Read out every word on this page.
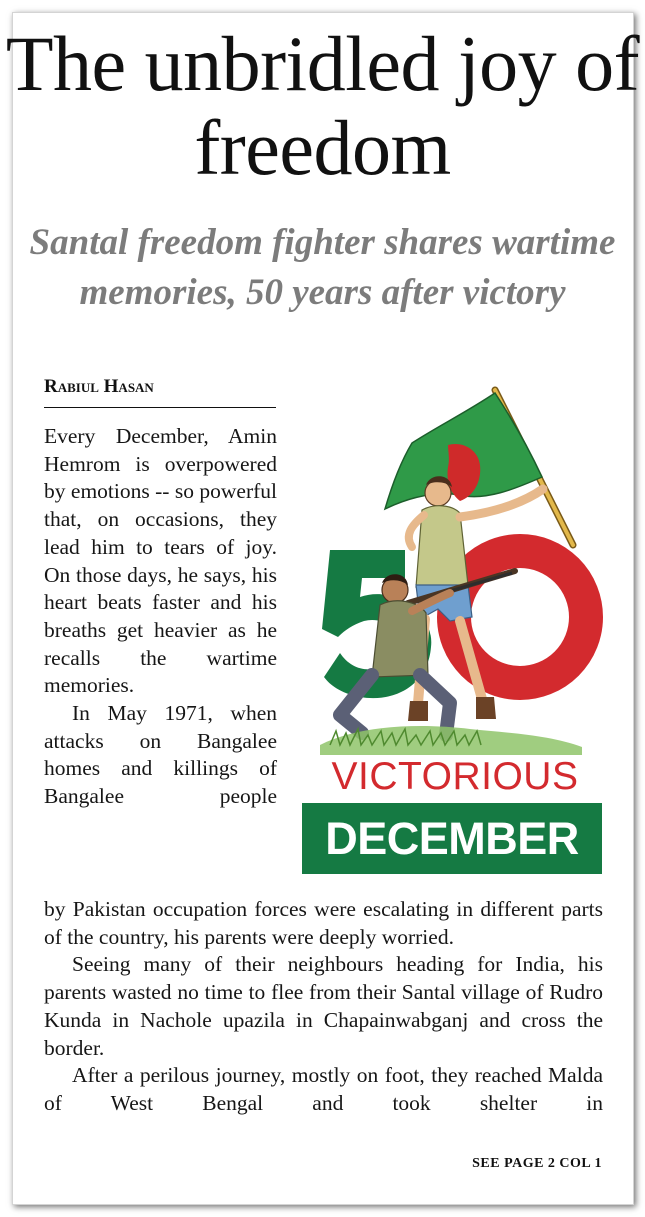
The unbridled joy of freedom
Santal freedom fighter shares wartime memories, 50 years after victory
Rabiul Hasan

Every December, Amin Hemrom is overpowered by emotions -- so powerful that, on occasions, they lead him to tears of joy. On those days, he says, his heart beats faster and his breaths get heavier as he recalls the wartime memories.

In May 1971, when attacks on Bangalee homes and killings of Bangalee people

by Pakistan occupation forces were escalating in different parts of the country, his parents were deeply worried.

Seeing many of their neighbours heading for India, his parents wasted no time to flee from their Santal village of Rudro Kunda in Nachole upazila in Chapainwabganj and cross the border.

After a perilous journey, mostly on foot, they reached Malda of West Bengal and took shelter in

VICTORIOUS
DECEMBER
SEE PAGE 2 COL 1
